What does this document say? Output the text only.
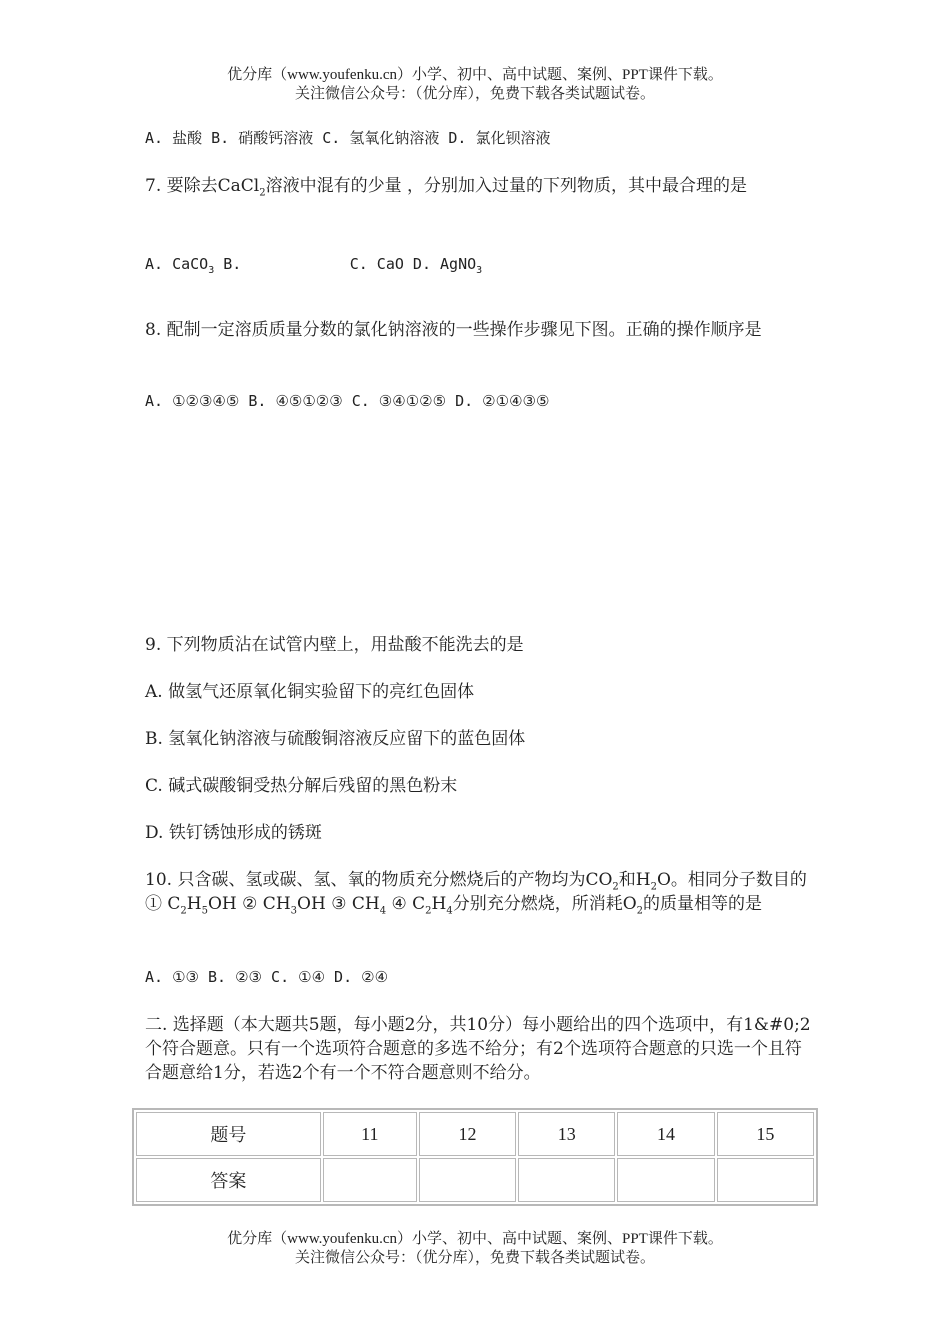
优分库（www.youfenku.cn）小学、初中、高中试题、案例、PPT课件下载。
关注微信公众号：（优分库），免费下载各类试题试卷。

A. 盐酸 B. 硝酸钙溶液 C. 氢氧化钠溶液 D. 氯化钡溶液

7. 要除去CaCl$_2$溶液中混有的少量 ，分别加入过量的下列物质，其中最合理的是

A. CaCO$_3$ B.            C. CaO D. AgNO$_3$

8. 配制一定溶质质量分数的氯化钠溶液的一些操作步骤见下图。正确的操作顺序是

A. ①②③④⑤ B. ④⑤①②③ C. ③④①②⑤ D. ②①④③⑤

9. 下列物质沾在试管内壁上，用盐酸不能洗去的是

A. 做氢气还原氧化铜实验留下的亮红色固体

B. 氢氧化钠溶液与硫酸铜溶液反应留下的蓝色固体

C. 碱式碳酸铜受热分解后残留的黑色粉末

D. 铁钉锈蚀形成的锈斑

10. 只含碳、氢或碳、氢、氧的物质充分燃烧后的产物均为$CO_2$和$H_2O$。相同分子数目的 ① $C_2H_5OH$ ② $CH_3OH$ ③ $CH_4$ ④ $C_2H_4$分别充分燃烧，所消耗$O_2$的质量相等的是

A. ①③ B. ②③ C. ①④ D. ②④

二. 选择题（本大题共5题，每小题2分，共10分）每小题给出的四个选项中，有1&#0;2个符合题意。只有一个选项符合题意的多选不给分；有2个选项符合题意的只选一个且符合题意给1分，若选2个有一个不符合题意则不给分。

题号	11	12	13	14	15
答案					
优分库（www.youfenku.cn）小学、初中、高中试题、案例、PPT课件下载。
关注微信公众号：（优分库），免费下载各类试题试卷。
